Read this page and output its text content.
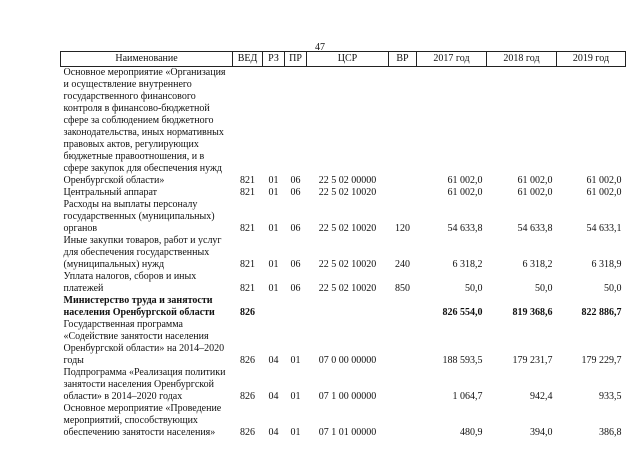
47
Наименование	ВЕД	РЗ	ПР	ЦСР	ВР	2017 год	2018 год	2019 год
Основное мероприятие «Организация и осуществление внутреннего государственного финансового контроля в финансово-бюджетной сфере за соблюдением бюджетного законодательства, иных нормативных правовых актов, регулирующих бюджетные правоотношения, и в сфере закупок для обеспечения нужд Оренбургской области»	821	01	06	22 5 02 00000		61 002,0	61 002,0	61 002,0
Центральный аппарат	821	01	06	22 5 02 10020		61 002,0	61 002,0	61 002,0
Расходы на выплаты персоналу государственных (муниципальных) органов	821	01	06	22 5 02 10020	120	54 633,8	54 633,8	54 633,1
Иные закупки товаров, работ и услуг для обеспечения государственных (муниципальных) нужд	821	01	06	22 5 02 10020	240	6 318,2	6 318,2	6 318,9
Уплата налогов, сборов и иных платежей	821	01	06	22 5 02 10020	850	50,0	50,0	50,0
Министерство труда и занятости населения Оренбургской области	826					826 554,0	819 368,6	822 886,7
Государственная программа «Содействие занятости населения Оренбургской области» на 2014–2020 годы	826	04	01	07 0 00 00000		188 593,5	179 231,7	179 229,7
Подпрограмма «Реализация политики занятости населения Оренбургской области» в 2014–2020 годах	826	04	01	07 1 00 00000		1 064,7	942,4	933,5
Основное мероприятие «Проведение мероприятий, способствующих обеспечению занятости населения»	826	04	01	07 1 01 00000		480,9	394,0	386,8
